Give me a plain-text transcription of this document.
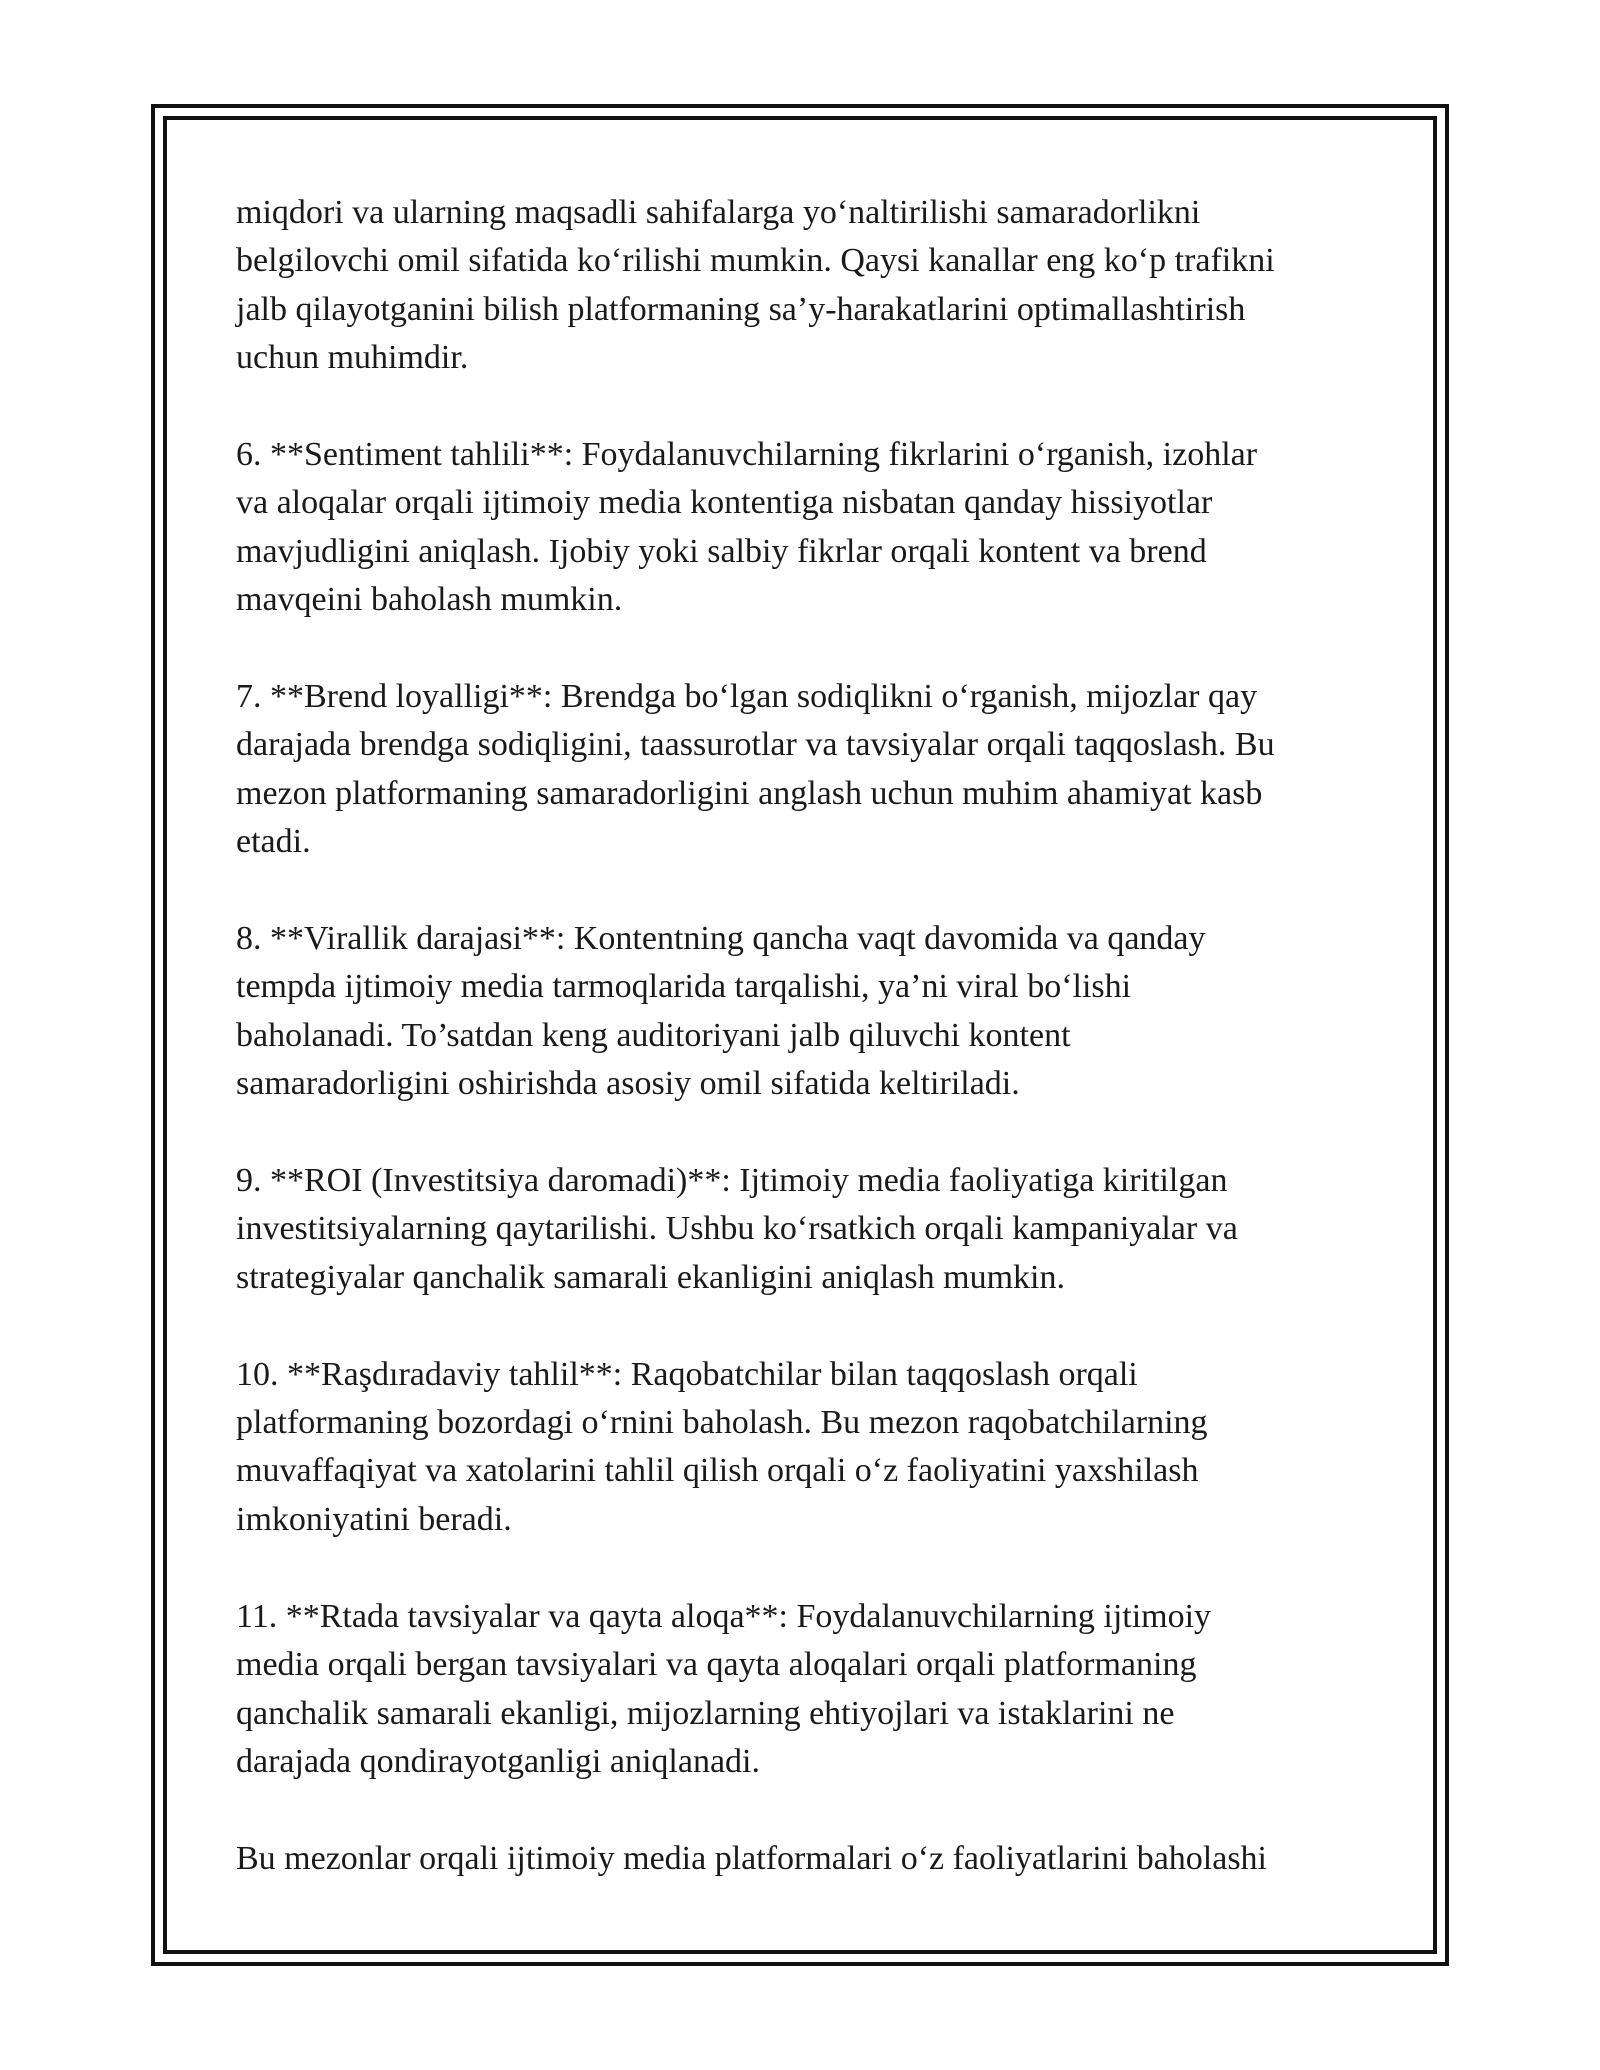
miqdori va ularning maqsadli sahifalarga yo‘naltirilishi samaradorlikni
belgilovchi omil sifatida ko‘rilishi mumkin. Qaysi kanallar eng ko‘p trafikni
jalb qilayotganini bilish platformaning sa’y-harakatlarini optimallashtirish
uchun muhimdir.

6. **Sentiment tahlili**: Foydalanuvchilarning fikrlarini o‘rganish, izohlar
va aloqalar orqali ijtimoiy media kontentiga nisbatan qanday hissiyotlar
mavjudligini aniqlash. Ijobiy yoki salbiy fikrlar orqali kontent va brend
mavqeini baholash mumkin.

7. **Brend loyalligi**: Brendga bo‘lgan sodiqlikni o‘rganish, mijozlar qay
darajada brendga sodiqligini, taassurotlar va tavsiyalar orqali taqqoslash. Bu
mezon platformaning samaradorligini anglash uchun muhim ahamiyat kasb
etadi.

8. **Virallik darajasi**: Kontentning qancha vaqt davomida va qanday
tempda ijtimoiy media tarmoqlarida tarqalishi, ya’ni viral bo‘lishi
baholanadi. To’satdan keng auditoriyani jalb qiluvchi kontent
samaradorligini oshirishda asosiy omil sifatida keltiriladi.

9. **ROI (Investitsiya daromadi)**: Ijtimoiy media faoliyatiga kiritilgan
investitsiyalarning qaytarilishi. Ushbu ko‘rsatkich orqali kampaniyalar va
strategiyalar qanchalik samarali ekanligini aniqlash mumkin.

10. **Raşdıradaviy tahlil**: Raqobatchilar bilan taqqoslash orqali
platformaning bozordagi o‘rnini baholash. Bu mezon raqobatchilarning
muvaffaqiyat va xatolarini tahlil qilish orqali o‘z faoliyatini yaxshilash
imkoniyatini beradi.

11. **Rtada tavsiyalar va qayta aloqa**: Foydalanuvchilarning ijtimoiy
media orqali bergan tavsiyalari va qayta aloqalari orqali platformaning
qanchalik samarali ekanligi, mijozlarning ehtiyojlari va istaklarini ne
darajada qondirayotganligi aniqlanadi.

Bu mezonlar orqali ijtimoiy media platformalari o‘z faoliyatlarini baholashi
